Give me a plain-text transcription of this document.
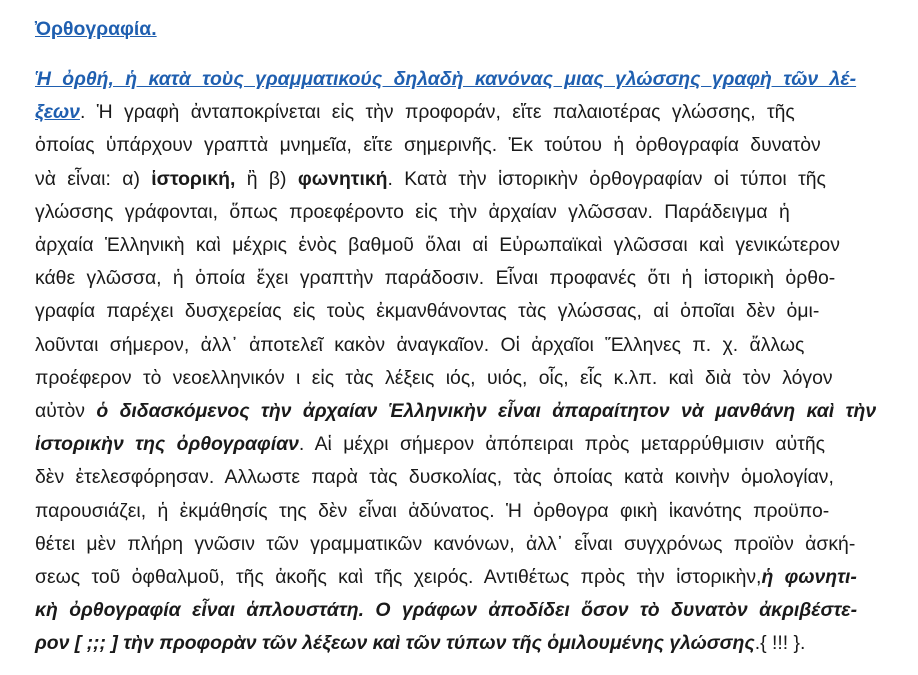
Ὀρθογραφία.
Ἡ ὀρθή, ἡ κατὰ τοὺς γραμματικούς δηλαδὴ κανόνας μιας γλώσσης γραφὴ τῶν λέ-
ξεων. Ἡ γραφὴ ἀνταποκρίνεται εἰς τὴν προφοράν, εἴτε παλαιοτέρας γλώσσης, τῆς
ὁποίας ὑπάρχουν γραπτὰ μνημεῖα, εἴτε σημερινῆς. Ἐκ τούτου ἡ ὀρθογραφία δυνατὸν
νὰ εἶναι: α) ἱστορική, ἢ β) φωνητική. Κατὰ τὴν ἱστορικὴν ὀρθογραφίαν οἱ τύποι τῆς
γλώσσης γράφονται, ὅπως προεφέροντο εἰς τὴν ἀρχαίαν γλῶσσαν. Παράδειγμα ἡ
ἀρχαία Ἑλληνικὴ καὶ μέχρις ἑνὸς βαθμοῦ ὅλαι αἱ Εὐρωπαϊκαὶ γλῶσσαι καὶ γενικώτερον
κάθε γλῶσσα, ἡ ὁποία ἔχει γραπτὴν παράδοσιν. Εἶναι προφανές ὅτι ἡ ἱστορικὴ ὀρθο-
γραφία παρέχει δυσχερείας εἰς τοὺς ἐκμανθάνοντας τὰς γλώσσας, αἱ ὁποῖαι δὲν ὁμι-
λοῦνται σήμερον, ἀλλ᾿ ἀποτελεῖ κακὸν ἀναγκαῖον. Οἱ ἀρχαῖοι Ἕλληνες π. χ. ἄλλως
προέφερον τὸ νεοελληνικόν ι εἰς τὰς λέξεις ιός, υιός, οἷς, εἷς κ.λπ. καὶ διὰ τὸν λόγον
αὐτὸν ὁ διδασκόμενος τὴν ἀρχαίαν Ἑλληνικὴν εἶναι ἀπαραίτητον νὰ μανθάνη καὶ τὴν
ἱστορικὴν της ὀρθογραφίαν. Αἱ μέχρι σήμερον ἀπόπειραι πρὸς μεταρρύθμισιν αὐτῆς
δὲν ἐτελεσφόρησαν. Αλλωστε παρὰ τὰς δυσκολίας, τὰς ὁποίας κατὰ κοινὴν ὁμολογίαν,
παρουσιάζει, ἡ ἐκμάθησίς της δὲν εἶναι ἀδύνατος. Ἡ ὀρθογρα φικὴ ἱκανότης προϋπο-
θέτει μὲν πλήρη γνῶσιν τῶν γραμματικῶν κανόνων, ἀλλ᾿ εἶναι συγχρόνως προϊὸν ἀσκή-
σεως τοῦ ὀφθαλμοῦ, τῆς ἀκοῆς καὶ τῆς χειρός. Αντιθέτως πρὸς τὴν ἱστορικὴν,ἡ φωνητι-
κὴ ὀρθογραφία εἶναι ἁπλουστάτη. Ο γράφων ἀποδίδει ὅσον τὸ δυνατὸν ἀκριβέστε-
ρον [ ;;; ] τὴν προφορὰν τῶν λέξεων καὶ τῶν τύπων τῆς ὁμιλουμένης γλώσσης.{ !!! }.
